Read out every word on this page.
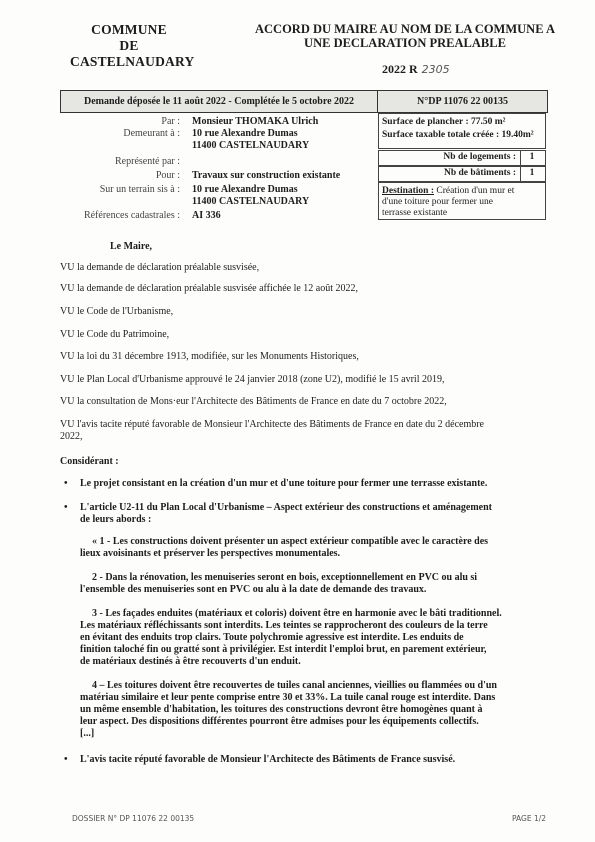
COMMUNE
DE
CASTELNAUDARY
ACCORD DU MAIRE AU NOM DE LA COMMUNE A
UNE DECLARATION PREALABLE
2022 R 2305
Demande déposée le 11 août 2022 - Complétée le 5 octobre 2022	N°DP 11076 22 00135
Par : Monsieur THOMAKA Ulrich
Demeurant à : 10 rue Alexandre Dumas
11400 CASTELNAUDARY
Représenté par :
Pour : Travaux sur construction existante
Sur un terrain sis à : 10 rue Alexandre Dumas
11400 CASTELNAUDARY
Références cadastrales : AI 336
Surface de plancher : 77.50 m²
Surface taxable totale créée : 19.40m²
Nb de logements :	1
Nb de bâtiments :	1
Destination : Création d'un mur et
d'une toiture pour fermer une
terrasse existante
Le Maire,
VU la demande de déclaration préalable susvisée,
VU la demande de déclaration préalable susvisée affichée le 12 août 2022,
VU le Code de l'Urbanisme,
VU le Code du Patrimoine,
VU la loi du 31 décembre 1913, modifiée, sur les Monuments Historiques,
VU le Plan Local d'Urbanisme approuvé le 24 janvier 2018 (zone U2), modifié le 15 avril 2019,
VU la consultation de Mons·eur l'Architecte des Bâtiments de France en date du 7 octobre 2022,
VU l'avis tacite réputé favorable de Monsieur l'Architecte des Bâtiments de France en date du 2 décembre
2022,
Considérant :
• Le projet consistant en la création d'un mur et d'une toiture pour fermer une terrasse existante.
• L'article U2-11 du Plan Local d'Urbanisme – Aspect extérieur des constructions et aménagement
de leurs abords :
« 1 - Les constructions doivent présenter un aspect extérieur compatible avec le caractère des
lieux avoisinants et préserver les perspectives monumentales.
2 - Dans la rénovation, les menuiseries seront en bois, exceptionnellement en PVC ou alu si
l'ensemble des menuiseries sont en PVC ou alu à la date de demande des travaux.
3 - Les façades enduites (matériaux et coloris) doivent être en harmonie avec le bâti traditionnel.
Les matériaux réfléchissants sont interdits. Les teintes se rapprocheront des couleurs de la terre
en évitant des enduits trop clairs. Toute polychromie agressive est interdite. Les enduits de
finition taloché fin ou gratté sont à privilégier. Est interdit l'emploi brut, en parement extérieur,
de matériaux destinés à être recouverts d'un enduit.
4 – Les toitures doivent être recouvertes de tuiles canal anciennes, vieillies ou flammées ou d'un
matériau similaire et leur pente comprise entre 30 et 33%. La tuile canal rouge est interdite. Dans
un même ensemble d'habitation, les toitures des constructions devront être homogènes quant à
leur aspect. Des dispositions différentes pourront être admises pour les équipements collectifs.
[...]
• L'avis tacite réputé favorable de Monsieur l'Architecte des Bâtiments de France susvisé.
DOSSIER N° DP 11076 22 00135	PAGE 1/2
